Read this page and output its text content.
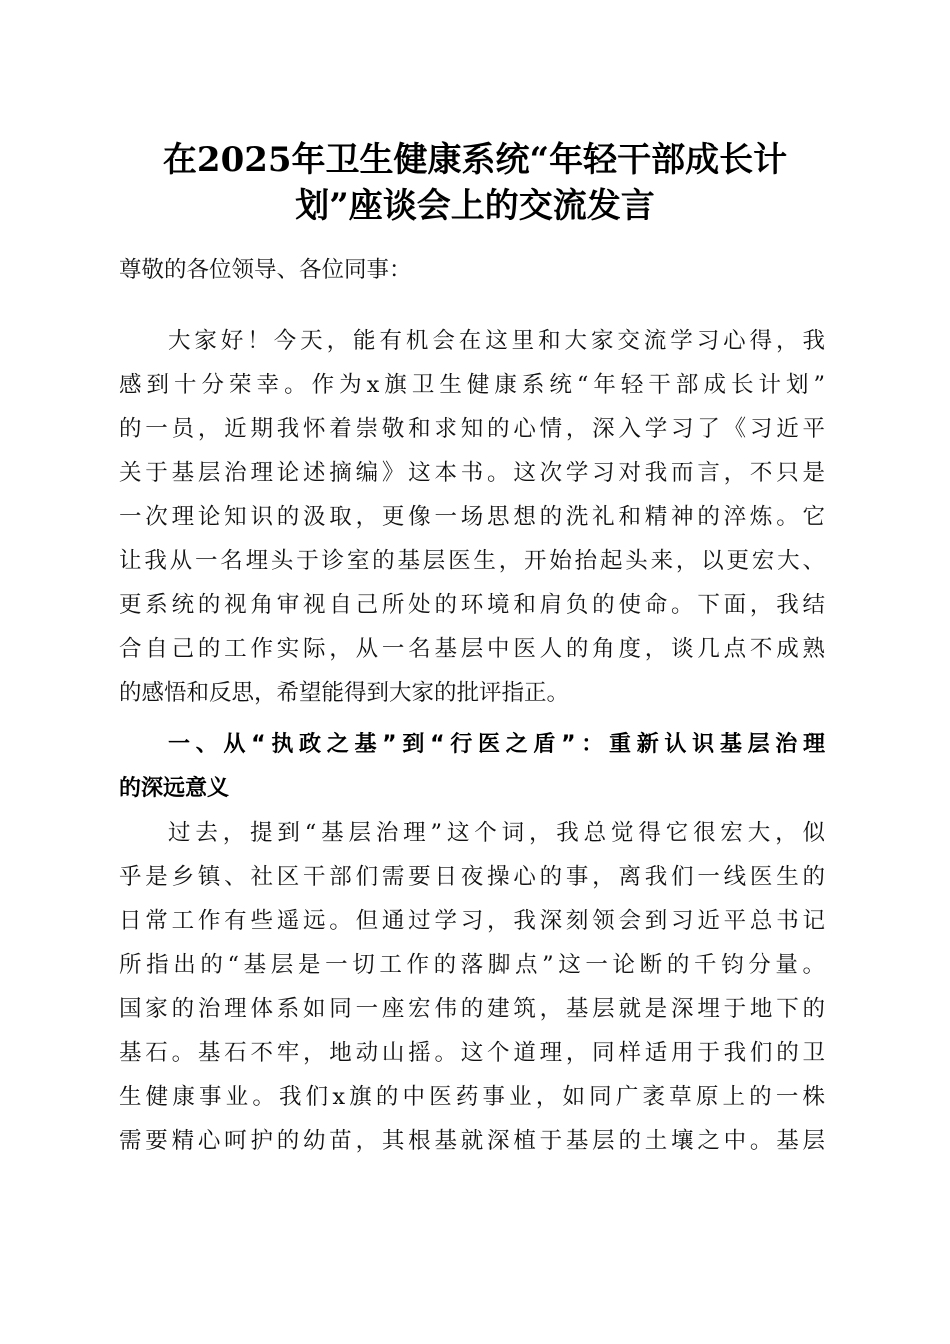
在2025年卫生健康系统“年轻干部成长计
划”座谈会上的交流发言
尊敬的各位领导、各位同事：
大家好！今天，能有机会在这里和大家交流学习心得，我
感到十分荣幸。作为x旗卫生健康系统“年轻干部成长计划”
的一员，近期我怀着崇敬和求知的心情，深入学习了《习近平
关于基层治理论述摘编》这本书。这次学习对我而言，不只是
一次理论知识的汲取，更像一场思想的洗礼和精神的淬炼。它
让我从一名埋头于诊室的基层医生，开始抬起头来，以更宏大、
更系统的视角审视自己所处的环境和肩负的使命。下面，我结
合自己的工作实际，从一名基层中医人的角度，谈几点不成熟
的感悟和反思，希望能得到大家的批评指正。
一、从“执政之基”到“行医之盾”：重新认识基层治理
的深远意义
过去，提到“基层治理”这个词，我总觉得它很宏大，似
乎是乡镇、社区干部们需要日夜操心的事，离我们一线医生的
日常工作有些遥远。但通过学习，我深刻领会到习近平总书记
所指出的“基层是一切工作的落脚点”这一论断的千钧分量。
国家的治理体系如同一座宏伟的建筑，基层就是深埋于地下的
基石。基石不牢，地动山摇。这个道理，同样适用于我们的卫
生健康事业。我们x旗的中医药事业，如同广袤草原上的一株
需要精心呵护的幼苗，其根基就深植于基层的土壤之中。基层
